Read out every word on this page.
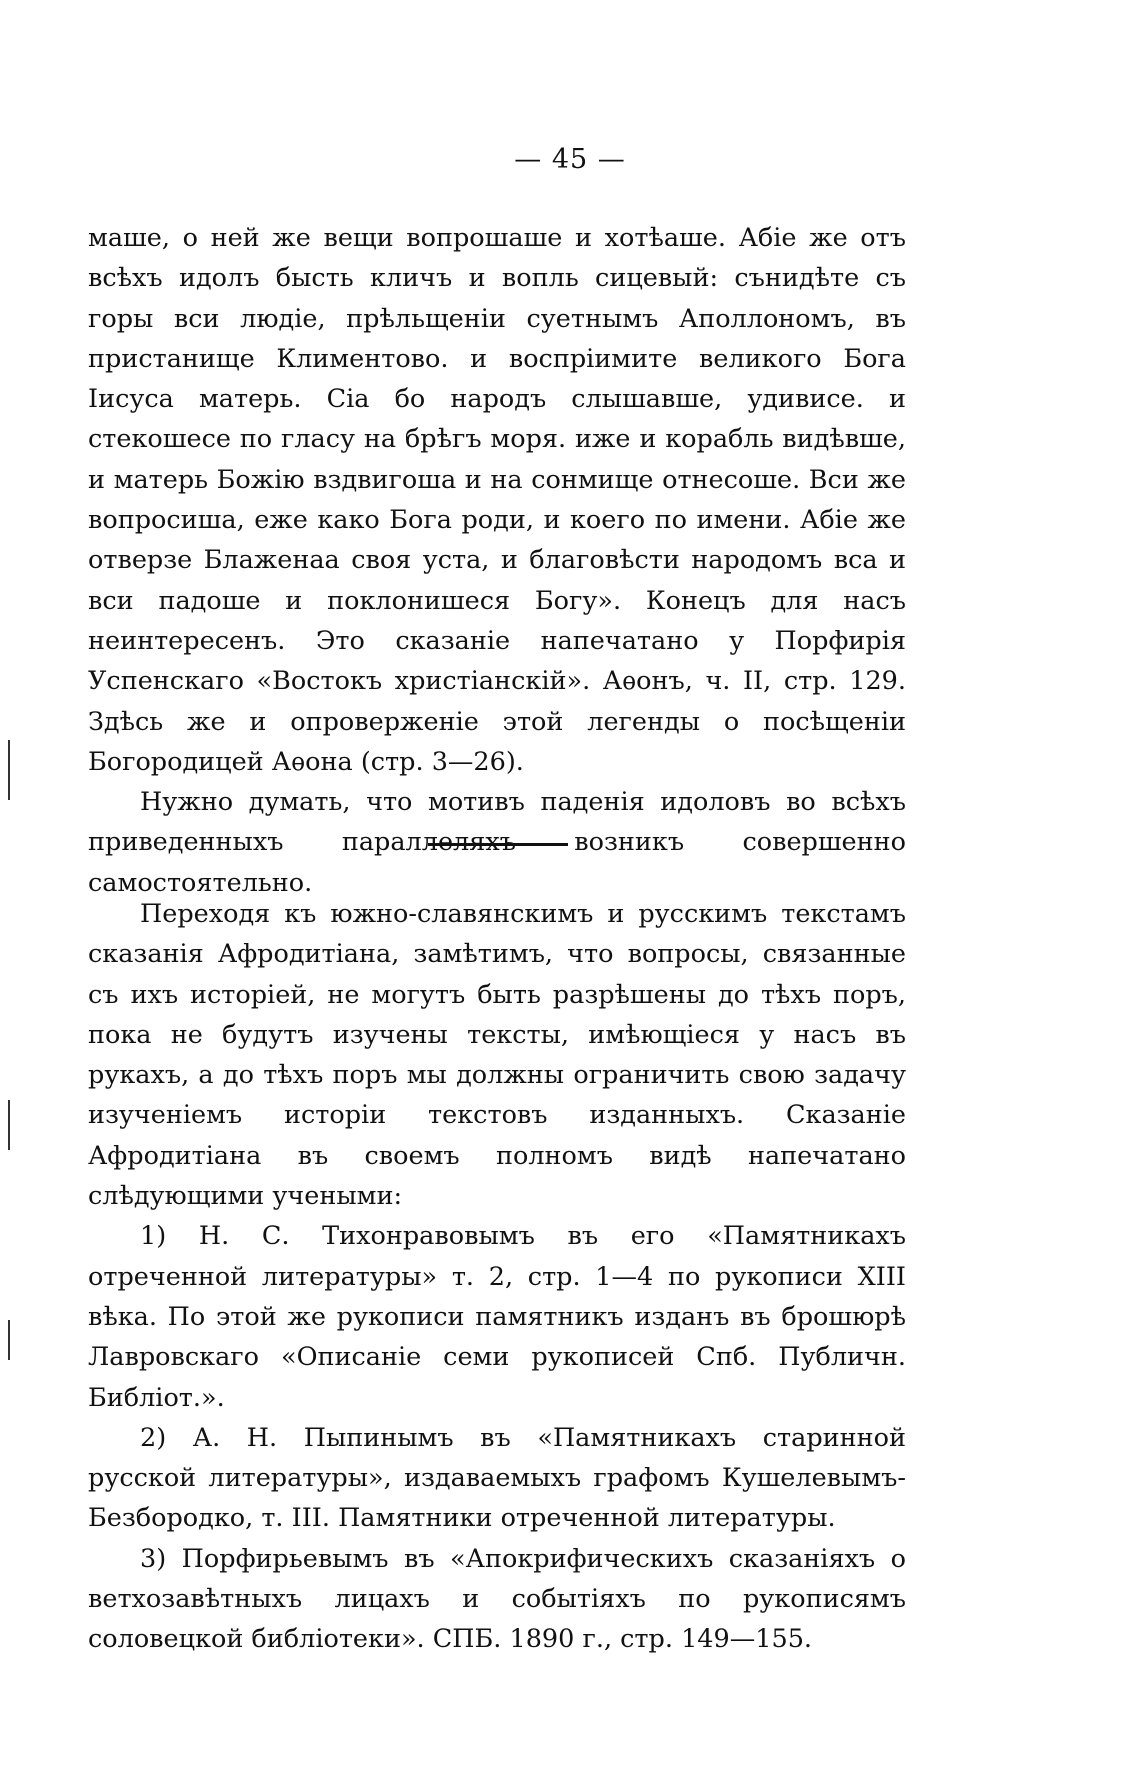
— 45 —

маше, о ней же вещи вопрошаше и хотѣаше. Абіе же отъ всѣхъ идолъ бысть кличъ и вопль сицевый: сънидѣте съ горы вси людіе, прѣльщеніи суетнымъ Аполлономъ, въ пристанище Климентово. и воспріимите великого Бога Іисуса матерь. Сіа бо народъ слышавше, удивисе. и стекошесе по гласу на брѣгъ моря. иже и корабль видѣвше, и матерь Божію вздвигоша и на сонмище отнесоше. Вси же вопросиша, еже како Бога роди, и коего по имени. Абіе же отверзе Блаженаа своя уста, и благовѣсти народомъ вса и вси падоше и поклонишеся Богу». Конецъ для насъ неинтересенъ. Это сказаніе напечатано у Порфирія Успенскаго «Востокъ христіанскій». Аѳонъ, ч. II, стр. 129. Здѣсь же и опроверженіе этой легенды о посѣщеніи Богородицей Аѳона (стр. 3—26).

Нужно думать, что мотивъ паденія идоловъ во всѣхъ приведенныхъ параллеляхъ возникъ совершенно самостоятельно.

Переходя къ южно-славянскимъ и русскимъ текстамъ сказанія Афродитіана, замѣтимъ, что вопросы, связанные съ ихъ исторіей, не могутъ быть разрѣшены до тѣхъ поръ, пока не будутъ изучены тексты, имѣющіеся у насъ въ рукахъ, а до тѣхъ поръ мы должны ограничить свою задачу изученіемъ исторіи текстовъ изданныхъ. Сказаніе Афродитіана въ своемъ полномъ видѣ напечатано слѣдующими учеными:

1) Н. С. Тихонравовымъ въ его «Памятникахъ отреченной литературы» т. 2, стр. 1—4 по рукописи XIII вѣка. По этой же рукописи памятникъ изданъ въ брошюрѣ Лавровскаго «Описаніе семи рукописей Спб. Публичн. Библіот.».

2) А. Н. Пыпинымъ въ «Памятникахъ старинной русской литературы», издаваемыхъ графомъ Кушелевымъ-Безбородко, т. III. Памятники отреченной литературы.

3) Порфирьевымъ въ «Апокрифическихъ сказаніяхъ о ветхозавѣтныхъ лицахъ и событіяхъ по рукописямъ соловецкой библіотеки». СПБ. 1890 г., стр. 149—155.
